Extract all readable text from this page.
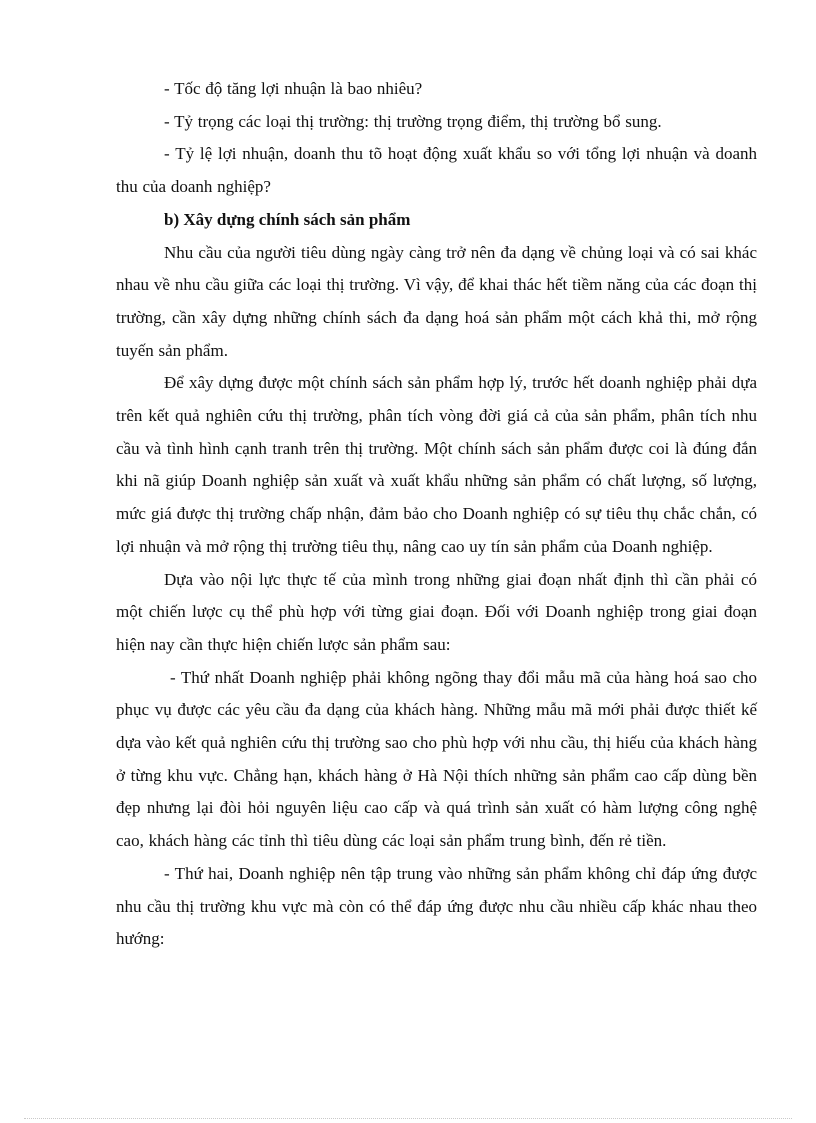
- Tốc độ tăng lợi nhuận là bao nhiêu?

- Tỷ trọng các loại thị trường: thị trường trọng điểm, thị trường bổ sung.

- Tỷ lệ lợi nhuận, doanh thu tõ hoạt động xuất khẩu so với tổng lợi nhuận và doanh thu của doanh nghiệp?

b) Xây dựng chính sách sản phẩm

Nhu cầu của người tiêu dùng ngày càng trở nên đa dạng về chủng loại và có sai khác nhau về nhu cầu giữa các loại thị trường. Vì vậy, để khai thác hết tiềm năng của các đoạn thị trường, cần xây dựng những chính sách đa dạng hoá sản phẩm một cách khả thi, mở rộng tuyến sản phẩm.

Để xây dựng được một chính sách sản phẩm hợp lý, trước hết doanh nghiệp phải dựa trên kết quả nghiên cứu thị trường, phân tích vòng đời giá cả của sản phẩm, phân tích nhu cầu và tình hình cạnh tranh trên thị trường. Một chính sách sản phẩm được coi là đúng đắn khi nã giúp Doanh nghiệp sản xuất và xuất khẩu những sản phẩm có chất lượng, số lượng, mức giá được thị trường chấp nhận, đảm bảo cho Doanh nghiệp có sự tiêu thụ chắc chắn, có lợi nhuận và mở rộng thị trường tiêu thụ, nâng cao uy tín sản phẩm của Doanh nghiệp.

Dựa vào nội lực thực tế của mình trong những giai đoạn nhất định thì cần phải có một chiến lược cụ thể phù hợp với từng giai đoạn. Đối với Doanh nghiệp trong giai đoạn hiện nay cần thực hiện chiến lược sản phẩm sau:

- Thứ nhất Doanh nghiệp phải không ngõng thay đổi mẫu mã của hàng hoá sao cho phục vụ được các yêu cầu đa dạng của khách hàng. Những mẫu mã mới phải được thiết kế dựa vào kết quả nghiên cứu thị trường sao cho phù hợp với nhu cầu, thị hiếu của khách hàng ở từng khu vực. Chẳng hạn, khách hàng ở Hà Nội thích những sản phẩm cao cấp dùng bền đẹp nhưng lại đòi hỏi nguyên liệu cao cấp và quá trình sản xuất có hàm lượng công nghệ cao, khách hàng các tỉnh thì tiêu dùng các loại sản phẩm trung bình, đến rẻ tiền.

- Thứ hai, Doanh nghiệp nên tập trung vào những sản phẩm không chỉ đáp ứng được nhu cầu thị trường khu vực mà còn có thể đáp ứng được nhu cầu nhiều cấp khác nhau theo hướng:
